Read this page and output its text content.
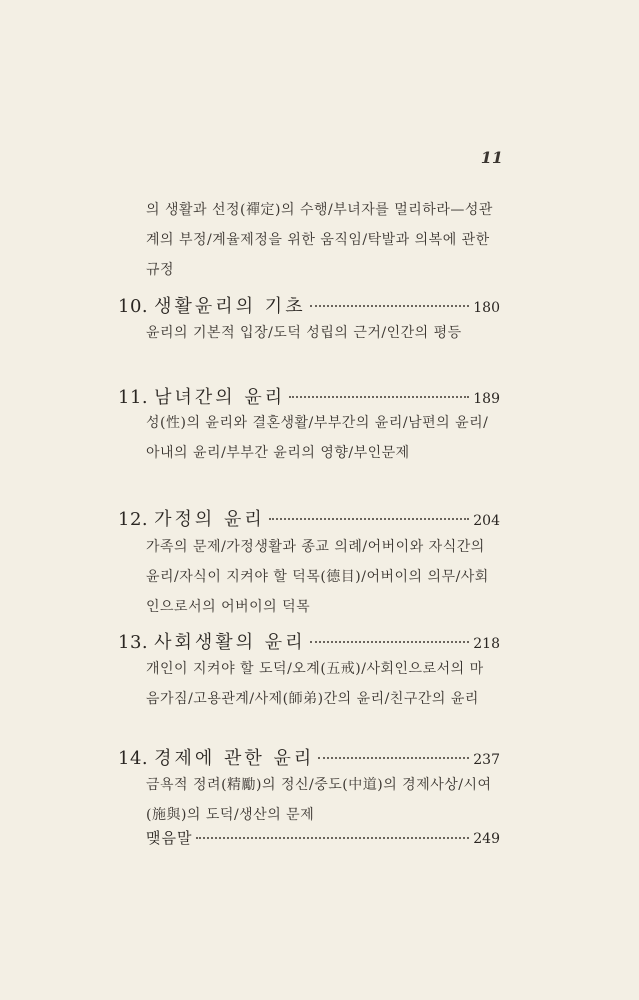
11
의 생활과 선정(禪定)의 수행/부녀자를 멀리하라—성관계의 부정/계율제정을 위한 움직임/탁발과 의복에 관한 규정
10. 생활윤리의 기초	180
윤리의 기본적 입장/도덕 성립의 근거/인간의 평등
11. 남녀간의 윤리	189
성(性)의 윤리와 결혼생활/부부간의 윤리/남편의 윤리/아내의 윤리/부부간 윤리의 영향/부인문제
12. 가정의 윤리	204
가족의 문제/가정생활과 종교 의례/어버이와 자식간의 윤리/자식이 지켜야 할 덕목(德目)/어버이의 의무/사회인으로서의 어버이의 덕목
13. 사회생활의 윤리	218
개인이 지켜야 할 도덕/오계(五戒)/사회인으로서의 마음가짐/고용관계/사제(師弟)간의 윤리/친구간의 윤리
14. 경제에 관한 윤리	237
금욕적 정려(精勵)의 정신/중도(中道)의 경제사상/시여(施與)의 도덕/생산의 문제
맺음말	249
